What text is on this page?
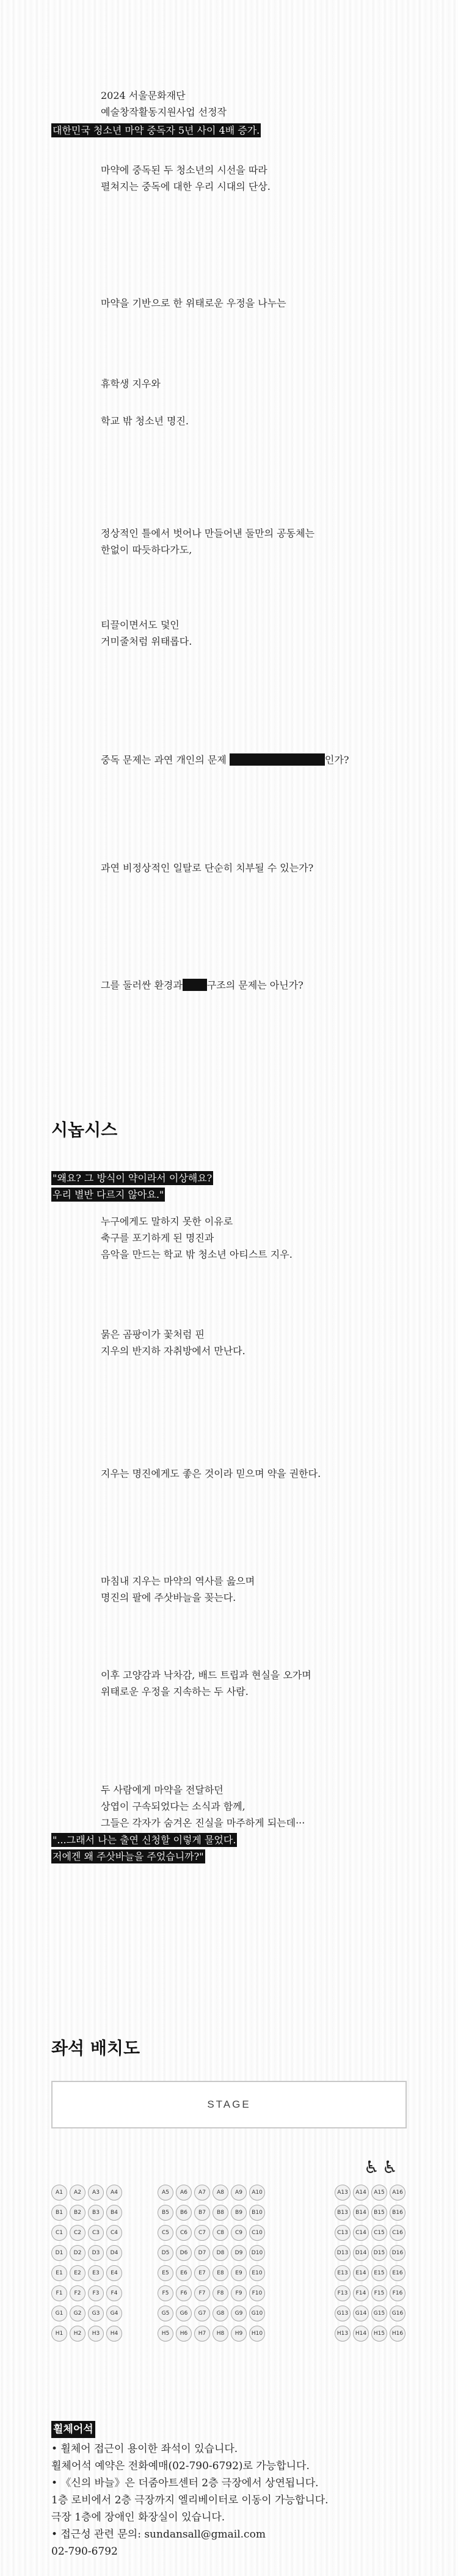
2024 서울문화재단
예술창작활동지원사업 선정작
대한민국 청소년 마약 중독자 5년 사이 4배 증가.
마약에 중독된 두 청소년의 시선을 따라
펼쳐지는 중독에 대한 우리 시대의 단상.
마약을 기반으로 한 위태로운 우정을 나누는
휴학생 지우와
학교 밖 청소년 명진.
정상적인 틀에서 벗어나 만들어낸 둘만의 공동체는
한없이 따듯하다가도,
티끌이면서도 덫인
거미줄처럼 위태롭다.
중독 문제는 과연 개인의 문제	인가?
과연 비정상적인 일탈로 단순히 치부될 수 있는가?
그를 둘러싼 환경과	구조의 문제는 아닌가?
시놉시스
"왜요? 그 방식이 약이라서 이상해요?
우리 별반 다르지 않아요."
누구에게도 말하지 못한 이유로
축구를 포기하게 된 명진과
음악을 만드는 학교 밖 청소년 아티스트 지우.
묽은 곰팡이가 꽃처럼 핀
지우의 반지하 자취방에서 만난다.
지우는 명진에게도 좋은 것이라 믿으며 약을 권한다.
마침내 지우는 마약의 역사를 읊으며
명진의 팔에 주삿바늘을 꽂는다.
이후 고양감과 낙차감, 배드 트립과 현실을 오가며
위태로운 우정을 지속하는 두 사람.
두 사람에게 마약을 전달하던
상엽이 구속되었다는 소식과 함께,
그들은 각자가 숨겨온 진실을 마주하게 되는데···
"...그래서 나는 출연 신청할 이렇게 물었다.
저에겐 왜 주삿바늘을 주었습니까?"
좌석 배치도
STAGE
♿ ♿
A1	A2	A3	A4
B1	B2	B3	B4
C1	C2	C3	C4
D1	D2	D3	D4
E1	E2	E3	E4
F1	F2	F3	F4
G1	G2	G3	G4
H1	H2	H3	H4
A5	A6	A7	A8	A9	A10
B5	B6	B7	B8	B9	B10
C5	C6	C7	C8	C9	C10
D5	D6	D7	D8	D9	D10
E5	E6	E7	E8	E9	E10
F5	F6	F7	F8	F9	F10
G5	G6	G7	G8	G9	G10
H5	H6	H7	H8	H9	H10
A13	A14	A15	A16
B13	B14	B15	B16
C13	C14	C15	C16
D13	D14	D15	D16
E13	E14	E15	E16
F13	F14	F15	F16
G13	G14	G15	G16
H13	H14	H15	H16
휠체어석
• 휠체어 접근이 용이한 좌석이 있습니다.
휠체어석 예약은 전화예매(02-790-6792)로 가능합니다.
• 《신의 바늘》은 더줌아트센터 2층 극장에서 상연됩니다.
1층 로비에서 2층 극장까지 엘리베이터로 이동이 가능합니다.
극장 1층에 장애인 화장실이 있습니다.
• 접근성 관련 문의: sundansall@gmail.com
02-790-6792
